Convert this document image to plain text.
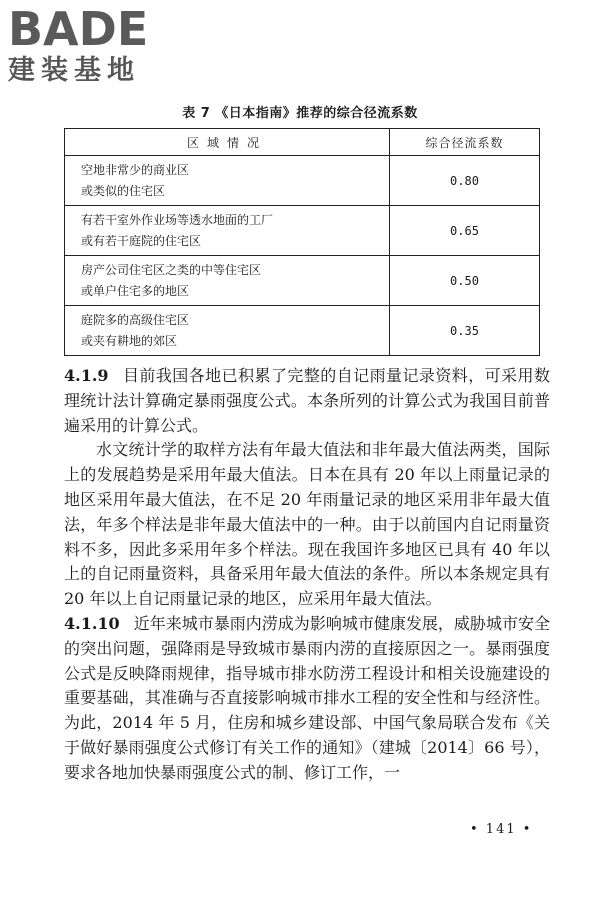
BADE
建装基地
表 7 《日本指南》推荐的综合径流系数
区域情况	综合径流系数

空地非常少的商业区
或类似的住宅区	0.80

有若干室外作业场等透水地面的工厂
或有若干庭院的住宅区	0.65

房产公司住宅区之类的中等住宅区
或单户住宅多的地区	0.50

庭院多的高级住宅区
或夹有耕地的郊区	0.35

4.1.9 目前我国各地已积累了完整的自记雨量记录资料，可采用数理统计法计算确定暴雨强度公式。本条所列的计算公式为我国目前普遍采用的计算公式。

水文统计学的取样方法有年最大值法和非年最大值法两类，国际上的发展趋势是采用年最大值法。日本在具有 20 年以上雨量记录的地区采用年最大值法，在不足 20 年雨量记录的地区采用非年最大值法，年多个样法是非年最大值法中的一种。由于以前国内自记雨量资料不多，因此多采用年多个样法。现在我国许多地区已具有 40 年以上的自记雨量资料，具备采用年最大值法的条件。所以本条规定具有 20 年以上自记雨量记录的地区，应采用年最大值法。

4.1.10 近年来城市暴雨内涝成为影响城市健康发展，威胁城市安全的突出问题，强降雨是导致城市暴雨内涝的直接原因之一。暴雨强度公式是反映降雨规律，指导城市排水防涝工程设计和相关设施建设的重要基础，其准确与否直接影响城市排水工程的安全性和与经济性。为此，2014 年 5 月，住房和城乡建设部、中国气象局联合发布《关于做好暴雨强度公式修订有关工作的通知》（建城〔2014〕66 号），要求各地加快暴雨强度公式的制、修订工作，一

• 141 •
